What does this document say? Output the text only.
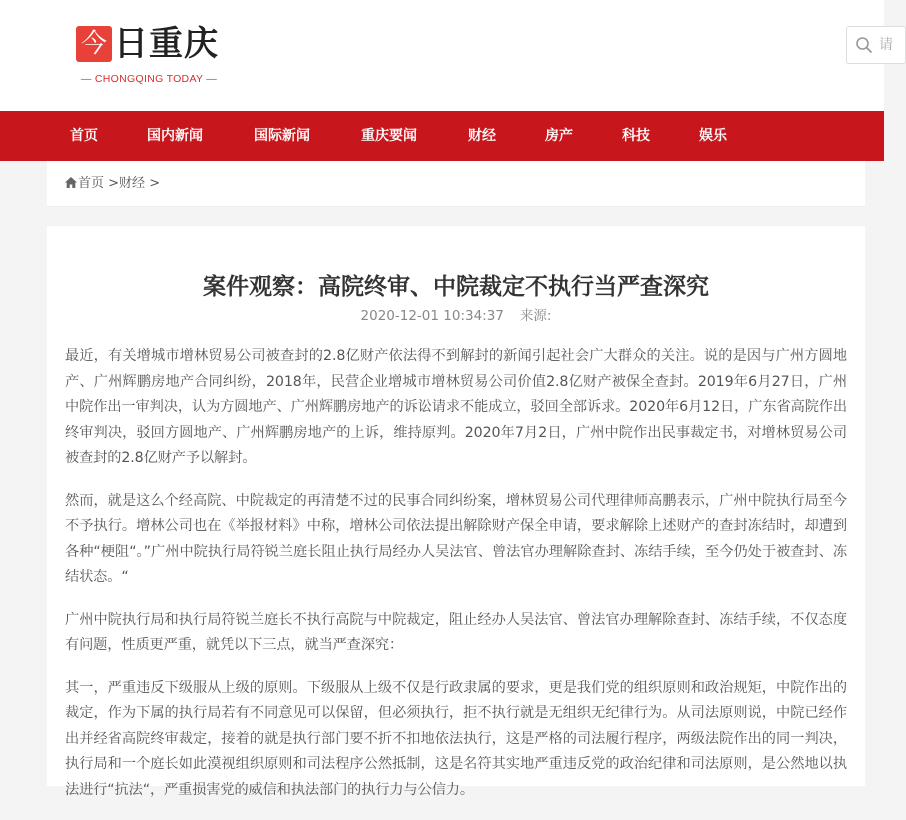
今 日重庆
— CHONGQING TODAY —
请
首页	国内新闻	国际新闻	重庆要闻	财经	房产	科技	娱乐
首页 >财经 >
案件观察：高院终审、中院裁定不执行当严查深究
2020-12-01 10:34:37 来源:

最近，有关增城市增林贸易公司被查封的2.8亿财产依法得不到解封的新闻引起社会广大群众的关注。说的是因与广州方圆地产、广州辉鹏房地产合同纠纷，2018年，民营企业增城市增林贸易公司价值2.8亿财产被保全查封。2019年6月27日，广州中院作出一审判决，认为方圆地产、广州辉鹏房地产的诉讼请求不能成立，驳回全部诉求。2020年6月12日，广东省高院作出终审判决，驳回方圆地产、广州辉鹏房地产的上诉，维持原判。2020年7月2日，广州中院作出民事裁定书，对增林贸易公司被查封的2.8亿财产予以解封。

然而，就是这么个经高院、中院裁定的再清楚不过的民事合同纠纷案，增林贸易公司代理律师高鹏表示，广州中院执行局至今不予执行。增林公司也在《举报材料》中称，增林公司依法提出解除财产保全申请，要求解除上述财产的查封冻结时，却遭到各种“梗阻“。”广州中院执行局符锐兰庭长阻止执行局经办人吴法官、曾法官办理解除查封、冻结手续，至今仍处于被查封、冻结状态。“

广州中院执行局和执行局符锐兰庭长不执行高院与中院裁定，阻止经办人吴法官、曾法官办理解除查封、冻结手续，不仅态度有问题，性质更严重，就凭以下三点，就当严查深究：

其一，严重违反下级服从上级的原则。下级服从上级不仅是行政隶属的要求，更是我们党的组织原则和政治规矩，中院作出的裁定，作为下属的执行局若有不同意见可以保留，但必须执行，拒不执行就是无组织无纪律行为。从司法原则说，中院已经作出并经省高院终审裁定，接着的就是执行部门要不折不扣地依法执行，这是严格的司法履行程序，两级法院作出的同一判决，执行局和一个庭长如此漠视组织原则和司法程序公然抵制，这是名符其实地严重违反党的政治纪律和司法原则，是公然地以执法进行“抗法“，严重损害党的威信和执法部门的执行力与公信力。
